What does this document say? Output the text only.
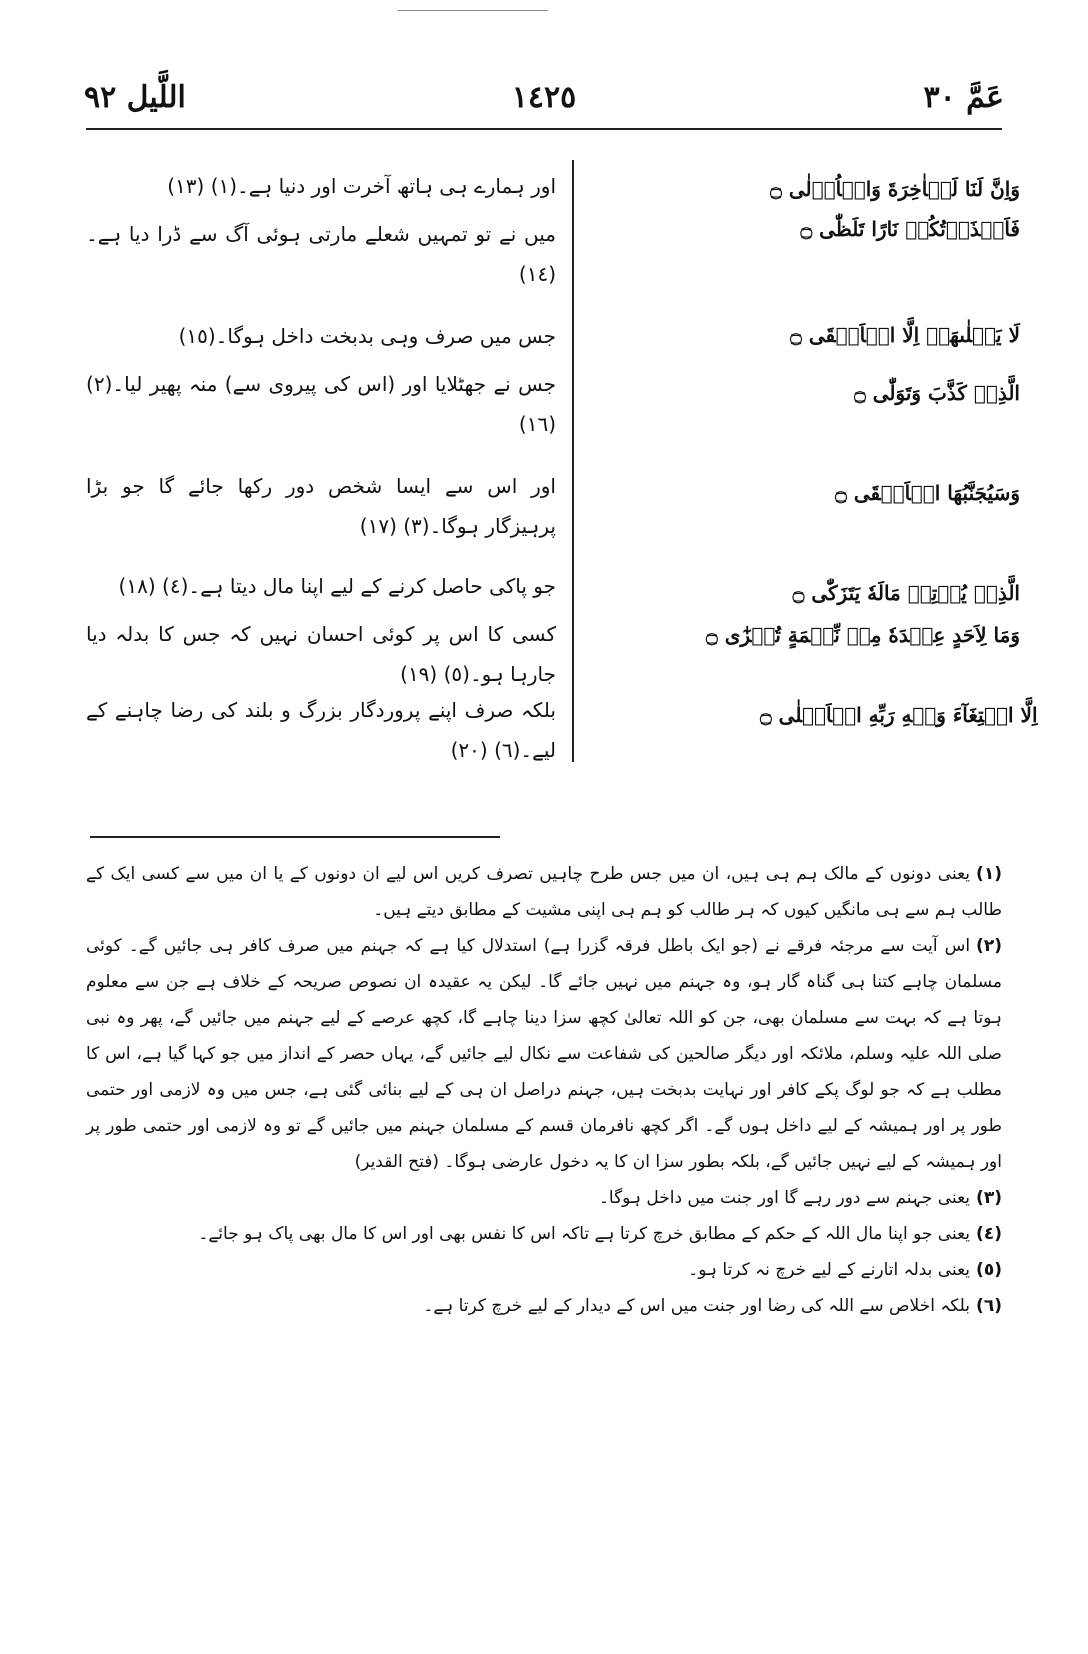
عَمَّ ٣٠
١٤٢٥
اللَّيل ٩٢
وَاِنَّ لَنَا لَلۡاٰخِرَةَ وَالۡاُوۡلٰى ۝
فَاَنۡذَرۡتُكُمۡ نَارًا تَلَظّٰى ۝
لَا يَصۡلٰٮهَاۤ اِلَّا الۡاَشۡقَى ۝
الَّذِىۡ كَذَّبَ وَتَوَلّٰى ۝
وَسَيُجَنَّبُهَا الۡاَتۡقَى ۝
الَّذِىۡ يُؤۡتِىۡ مَالَهٗ يَتَزَكّٰى ۝
وَمَا لِاَحَدٍ عِنۡدَهٗ مِنۡ نِّعۡمَةٍ تُجۡزٰٓى ۝
اِلَّا ابۡتِغَآءَ وَجۡهِ رَبِّهِ الۡاَعۡلٰى ۝
اور ہمارے ہی ہاتھ آخرت اور دنیا ہے۔(١) (١٣)
میں نے تو تمہیں شعلے مارتی ہوئی آگ سے ڈرا دیا ہے۔(١٤)
جس میں صرف وہی بدبخت داخل ہوگا۔(١٥)
جس نے جھٹلایا اور (اس کی پیروی سے) منہ پھیر لیا۔(٢) (١٦)
اور اس سے ایسا شخص دور رکھا جائے گا جو بڑا پرہیزگار ہوگا۔(٣) (١٧)
جو پاکی حاصل کرنے کے لیے اپنا مال دیتا ہے۔(٤) (١٨)
کسی کا اس پر کوئی احسان نہیں کہ جس کا بدلہ دیا جارہا ہو۔(٥) (١٩)
بلکہ صرف اپنے پروردگار بزرگ و بلند کی رضا چاہنے کے لیے۔(٦) (٢٠)

(١)یعنی دونوں کے مالک ہم ہی ہیں، ان میں جس طرح چاہیں تصرف کریں اس لیے ان دونوں کے یا ان میں سے کسی ایک کے طالب ہم سے ہی مانگیں کیوں کہ ہر طالب کو ہم ہی اپنی مشیت کے مطابق دیتے ہیں۔

(٢)اس آیت سے مرجئہ فرقے نے (جو ایک باطل فرقہ گزرا ہے) استدلال کیا ہے کہ جہنم میں صرف کافر ہی جائیں گے۔ کوئی مسلمان چاہے کتنا ہی گناہ گار ہو، وہ جہنم میں نہیں جائے گا۔ لیکن یہ عقیدہ ان نصوص صریحہ کے خلاف ہے جن سے معلوم ہوتا ہے کہ بہت سے مسلمان بھی، جن کو اللہ تعالیٰ کچھ سزا دینا چاہے گا، کچھ عرصے کے لیے جہنم میں جائیں گے، پھر وہ نبی صلی اللہ علیہ وسلم، ملائکہ اور دیگر صالحین کی شفاعت سے نکال لیے جائیں گے، یہاں حصر کے انداز میں جو کہا گیا ہے، اس کا مطلب ہے کہ جو لوگ پکے کافر اور نہایت بدبخت ہیں، جہنم دراصل ان ہی کے لیے بنائی گئی ہے، جس میں وہ لازمی اور حتمی طور پر اور ہمیشہ کے لیے داخل ہوں گے۔ اگر کچھ نافرمان قسم کے مسلمان جہنم میں جائیں گے تو وہ لازمی اور حتمی طور پر اور ہمیشہ کے لیے نہیں جائیں گے، بلکہ بطور سزا ان کا یہ دخول عارضی ہوگا۔ (فتح القدیر)

(٣)یعنی جہنم سے دور رہے گا اور جنت میں داخل ہوگا۔

(٤)یعنی جو اپنا مال اللہ کے حکم کے مطابق خرچ کرتا ہے تاکہ اس کا نفس بھی اور اس کا مال بھی پاک ہو جائے۔

(٥)یعنی بدلہ اتارنے کے لیے خرچ نہ کرتا ہو۔

(٦)بلکہ اخلاص سے اللہ کی رضا اور جنت میں اس کے دیدار کے لیے خرچ کرتا ہے۔
